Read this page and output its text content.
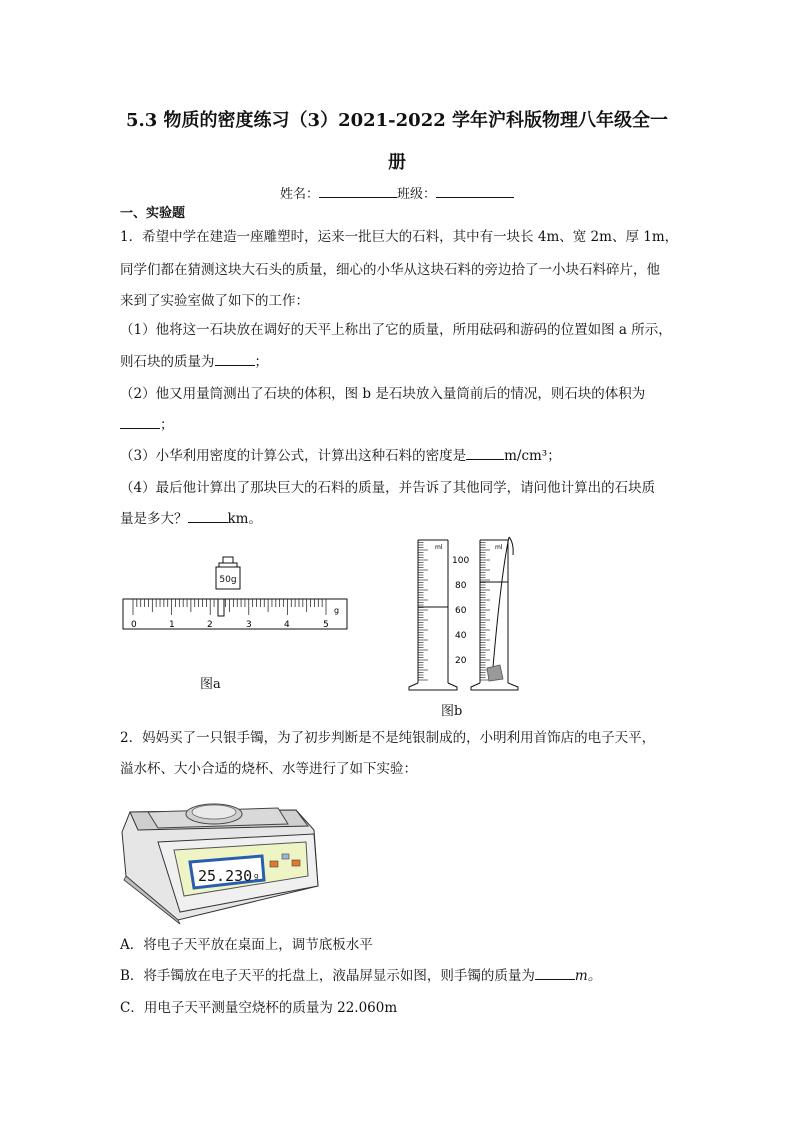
5.3 物质的密度练习（3）2021-2022 学年沪科版物理八年级全一
册
姓名：	班级：
一、实验题
1．希望中学在建造一座雕塑时，运来一批巨大的石料，其中有一块长 4m、宽 2m、厚 1m，
同学们都在猜测这块大石头的质量，细心的小华从这块石料的旁边拾了一小块石料碎片，他
来到了实验室做了如下的工作：
（1）他将这一石块放在调好的天平上称出了它的质量，所用砝码和游码的位置如图 a 所示，
则石块的质量为	；
（2）他又用量筒测出了石块的体积，图 b 是石块放入量筒前后的情况，则石块的体积为
；
（3）小华利用密度的计算公式，计算出这种石料的密度是	m/cm³；
（4）最后他计算出了那块巨大的石料的质量，并告诉了其他同学，请问他计算出的石块质
量是多大？	km。
50g
0	1	2	3	4	5
g
图a
ml
100
80
60
40
20
ml
图b
2．妈妈买了一只银手镯，为了初步判断是不是纯银制成的，小明利用首饰店的电子天平，
溢水杯、大小合适的烧杯、水等进行了如下实验：
25.230 g
A．将电子天平放在桌面上，调节底板水平
B．将手镯放在电子天平的托盘上，液晶屏显示如图，则手镯的质量为	m。
C．用电子天平测量空烧杯的质量为 22.060m
